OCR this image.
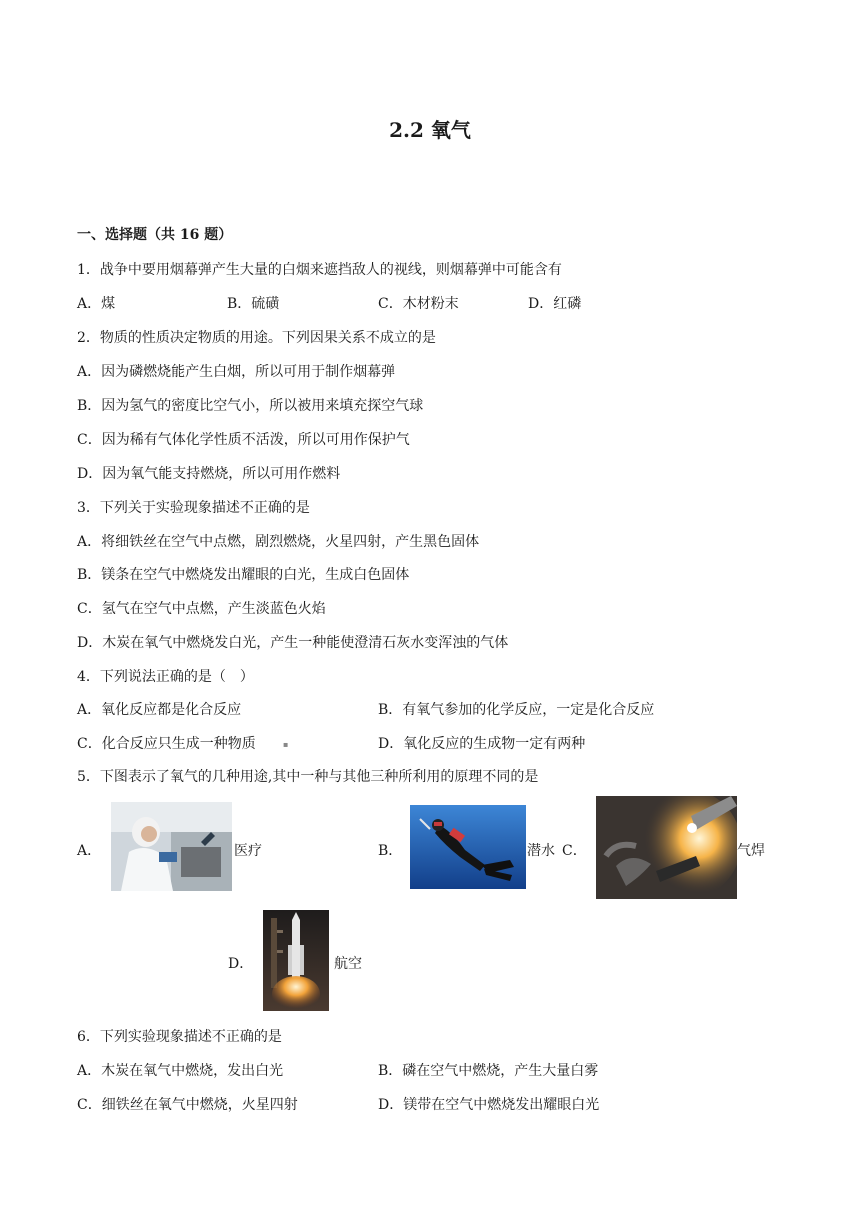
2.2 氧气
一、选择题（共 16 题）
1．战争中要用烟幕弹产生大量的白烟来遮挡敌人的视线，则烟幕弹中可能含有
A．煤	B．硫磺	C．木材粉末	D．红磷
2．物质的性质决定物质的用途。下列因果关系不成立的是
A．因为磷燃烧能产生白烟，所以可用于制作烟幕弹
B．因为氢气的密度比空气小，所以被用来填充探空气球
C．因为稀有气体化学性质不活泼，所以可用作保护气
D．因为氧气能支持燃烧，所以可用作燃料
3．下列关于实验现象描述不正确的是
A．将细铁丝在空气中点燃，剧烈燃烧，火星四射，产生黑色固体
B．镁条在空气中燃烧发出耀眼的白光，生成白色固体
C．氢气在空气中点燃，产生淡蓝色火焰
D．木炭在氧气中燃烧发白光，产生一种能使澄清石灰水变浑浊的气体
4．下列说法正确的是（　）
A．氧化反应都是化合反应	B．有氧气参加的化学反应，一定是化合反应
C．化合反应只生成一种物质	▪	D．氧化反应的生成物一定有两种
5．下图表示了氧气的几种用途,其中一种与其他三种所利用的原理不同的是
A．	医疗	B．	潜水 C．	气焊
D．	航空
6．下列实验现象描述不正确的是
A．木炭在氧气中燃烧，发出白光	B．磷在空气中燃烧，产生大量白雾
C．细铁丝在氧气中燃烧，火星四射	D．镁带在空气中燃烧发出耀眼白光
